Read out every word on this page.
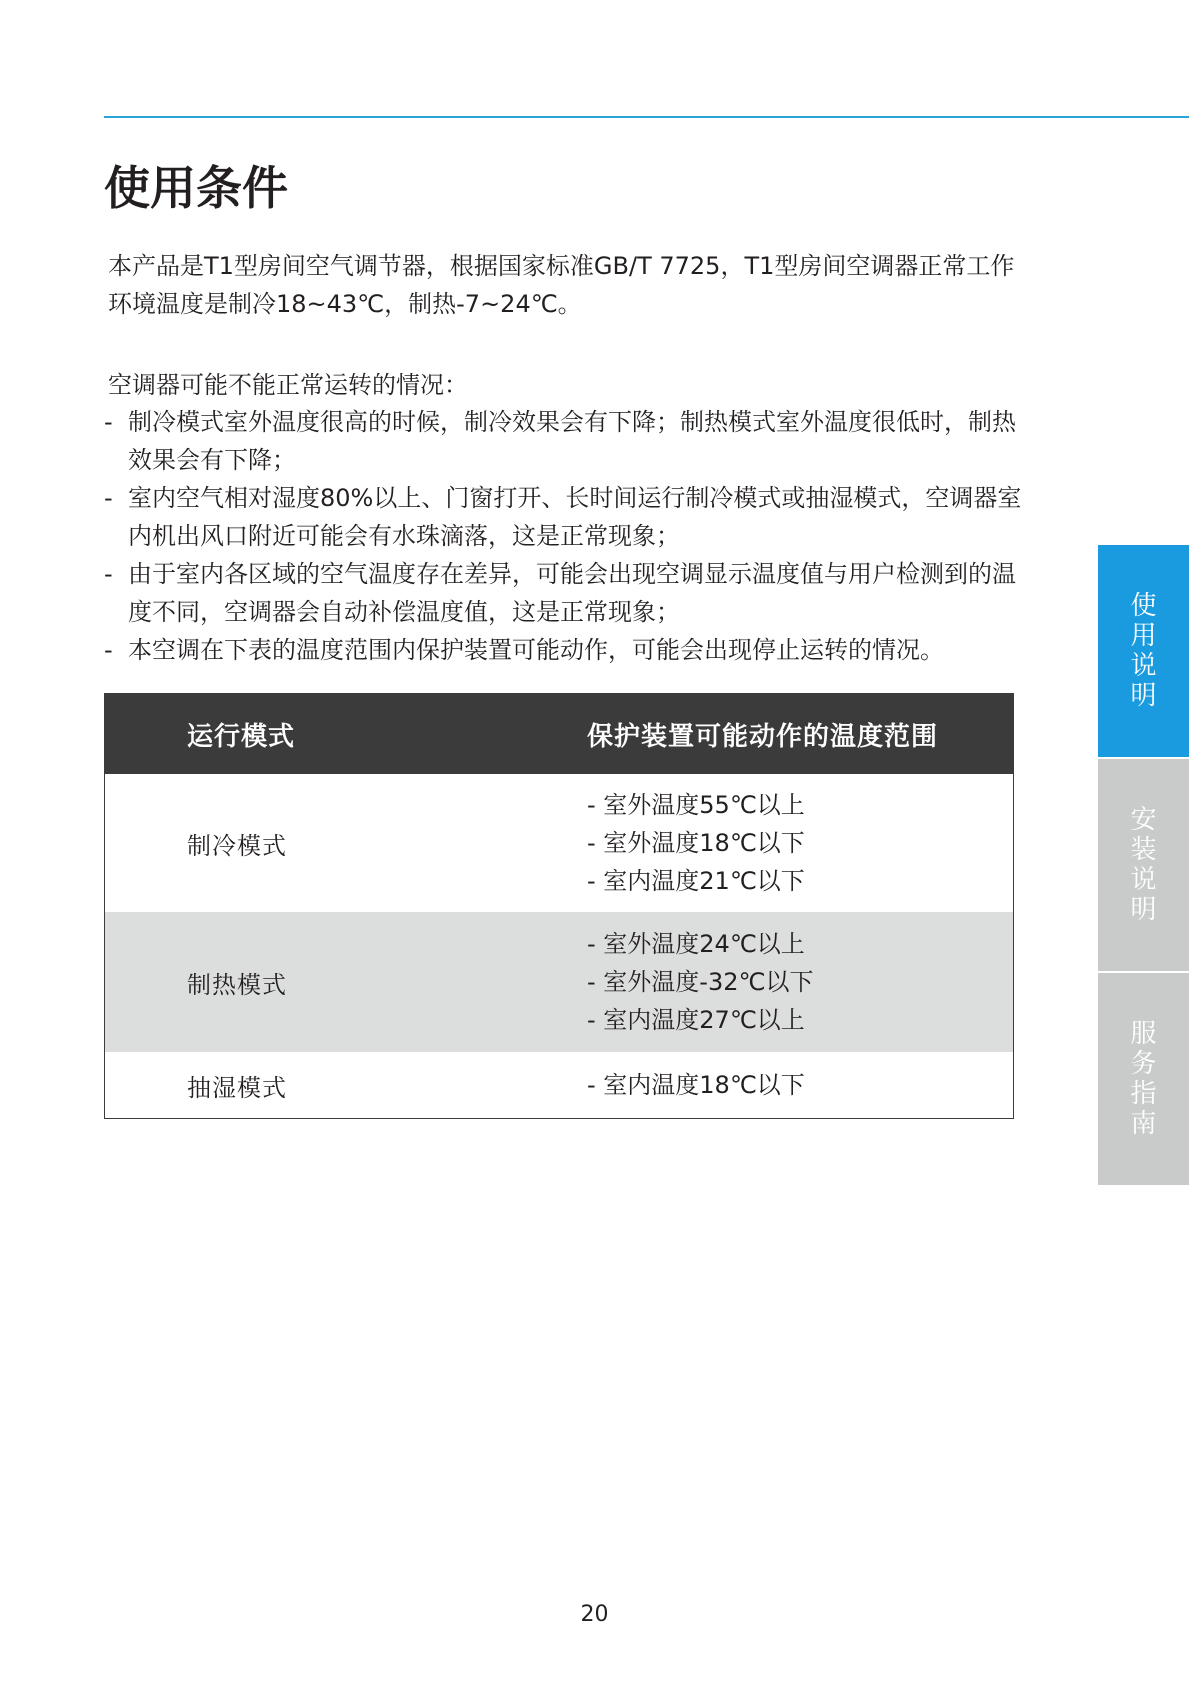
使用条件

本产品是T1型房间空气调节器，根据国家标准GB/T 7725，T1型房间空调器正常工作环境温度是制冷18~43℃，制热-7~24℃。

空调器可能不能正常运转的情况：

- 制冷模式室外温度很高的时候，制冷效果会有下降；制热模式室外温度很低时，制热效果会有下降；
- 室内空气相对湿度80%以上、门窗打开、长时间运行制冷模式或抽湿模式，空调器室内机出风口附近可能会有水珠滴落，这是正常现象；
- 由于室内各区域的空气温度存在差异，可能会出现空调显示温度值与用户检测到的温度不同，空调器会自动补偿温度值，这是正常现象；
- 本空调在下表的温度范围内保护装置可能动作，可能会出现停止运转的情况。
运行模式	保护装置可能动作的温度范围
制冷模式	- 室外温度55℃以上
- 室外温度18℃以下
- 室内温度21℃以下

制热模式	- 室外温度24℃以上
- 室外温度-32℃以下
- 室内温度27℃以上

抽湿模式	- 室内温度18℃以下
使
用
说
明
安
装
说
明
服
务
指
南
20
